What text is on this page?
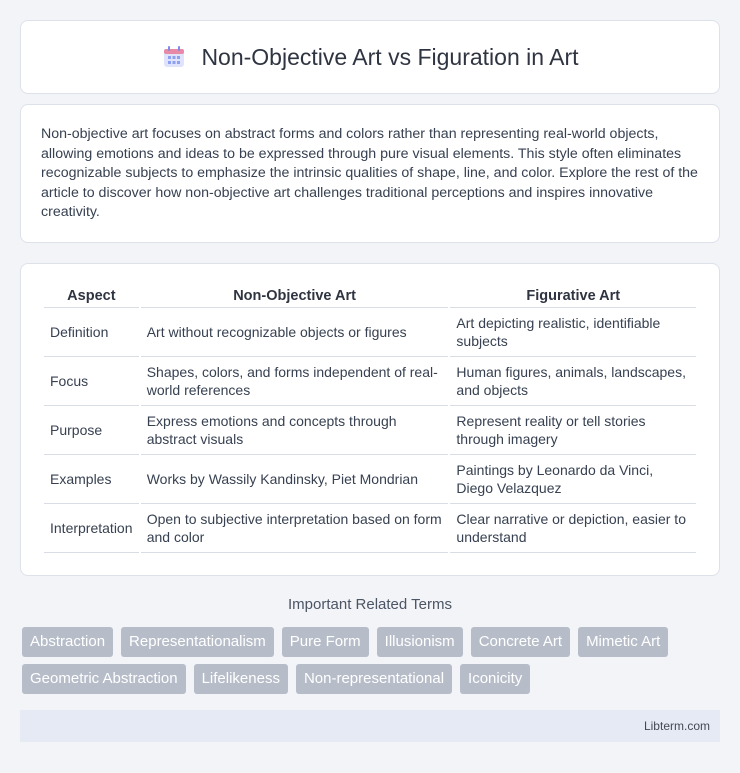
Non-Objective Art vs Figuration in Art

Non-objective art focuses on abstract forms and colors rather than representing real-world objects, allowing emotions and ideas to be expressed through pure visual elements. This style often eliminates recognizable subjects to emphasize the intrinsic qualities of shape, line, and color. Explore the rest of the article to discover how non-objective art challenges traditional perceptions and inspires innovative creativity.

Aspect	Non-Objective Art	Figurative Art
Definition	Art without recognizable objects or figures	Art depicting realistic, identifiable subjects
Focus	Shapes, colors, and forms independent of real-world references	Human figures, animals, landscapes, and objects
Purpose	Express emotions and concepts through abstract visuals	Represent reality or tell stories through imagery
Examples	Works by Wassily Kandinsky, Piet Mondrian	Paintings by Leonardo da Vinci, Diego Velazquez
Interpretation	Open to subjective interpretation based on form and color	Clear narrative or depiction, easier to understand
Important Related Terms
Abstraction	Representationalism	Pure Form	Illusionism	Concrete Art	Mimetic Art
Geometric Abstraction	Lifelikeness	Non-representational	Iconicity
Libterm.com
